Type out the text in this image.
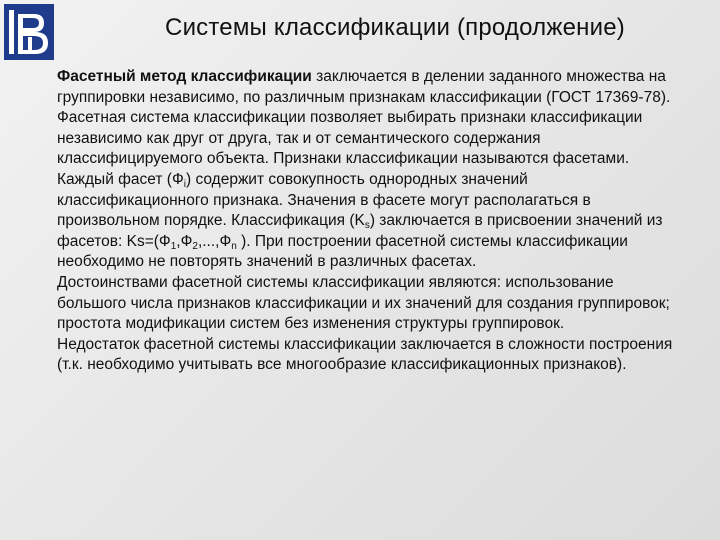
Системы классификации (продолжение)

Фасетный метод классификации заключается в делении заданного множества на группировки независимо, по различным признакам классификации (ГОСТ 17369-78).

Фасетная система классификации позволяет выбирать признаки классификации независимо как друг от друга, так и от семантического содержания классифицируемого объекта. Признаки классификации называются фасетами. Каждый фасет $(Ф_i)$ содержит совокупность однородных значений классификационного признака. Значения в фасете могут располагаться в произвольном порядке. Классификация $(K_s)$ заключается в присвоении значений из фасетов: $Ks=(Ф_1,Ф_2,...,Ф_n$ ). При построении фасетной системы классификации необходимо не повторять значений в различных фасетах.

Достоинствами фасетной системы классификации являются: использование большого числа признаков классификации и их значений для создания группировок; простота модификации систем без изменения структуры группировок.

Недостаток фасетной системы классификации заключается в сложности построения (т.к. необходимо учитывать все многообразие классификационных признаков).
